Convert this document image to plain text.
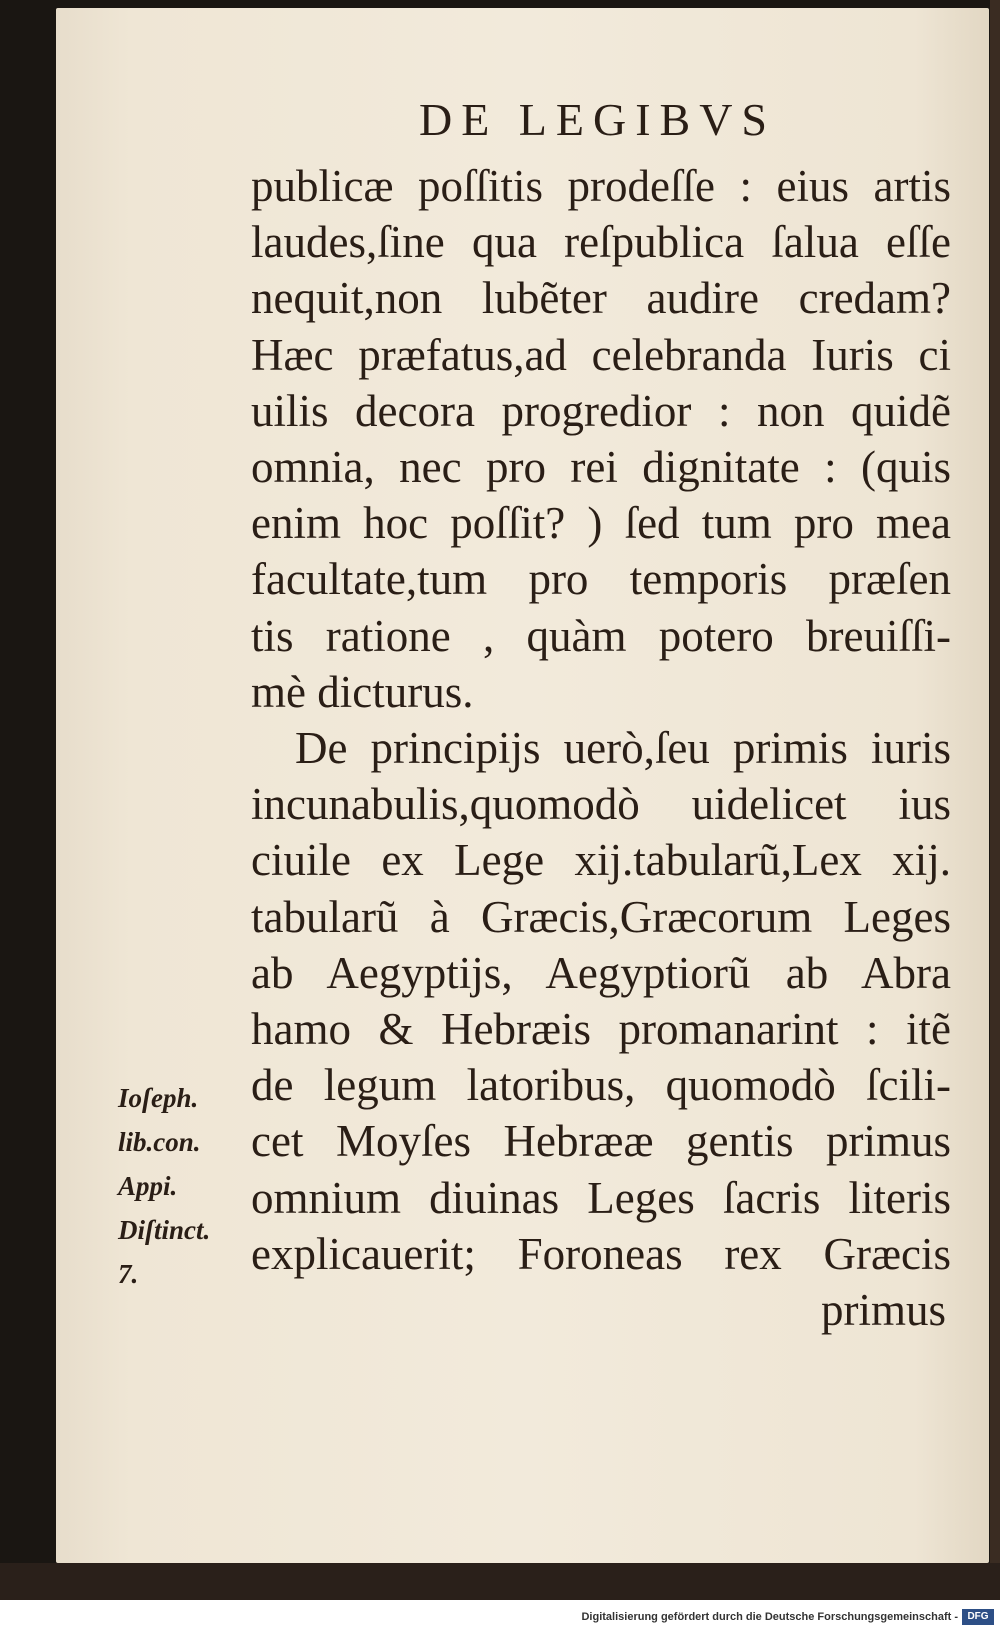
DE LEGIBVS
publicæ poſſitis prodeſſe : eius artis
laudes,ſine qua reſpublica ſalua eſſe
nequit,non lubẽter audire credam?
Hæc præfatus,ad celebranda Iuris ci
uilis decora progredior : non quidẽ
omnia, nec pro rei dignitate : (quis
enim hoc poſſit? ) ſed tum pro mea
facultate,tum pro temporis præſen
tis ratione , quàm potero breuiſſi-
mè dicturus.
De principijs uerò,ſeu primis iuris
incunabulis,quomodò uidelicet ius
ciuile ex Lege xij.tabularũ,Lex xij.
tabularũ à Græcis,Græcorum Leges
ab Aegyptijs, Aegyptiorũ ab Abra
hamo & Hebræis promanarint : itẽ
de legum latoribus, quomodò ſcili-
cet Moyſes Hebrææ gentis primus
omnium diuinas Leges ſacris literis
explicauerit; Foroneas rex Græcis
primus
Ioſeph.
lib.con.
Appi.
Diſtinct.
7.
Digitalisierung gefördert durch die Deutsche Forschungsgemeinschaft - DFG
